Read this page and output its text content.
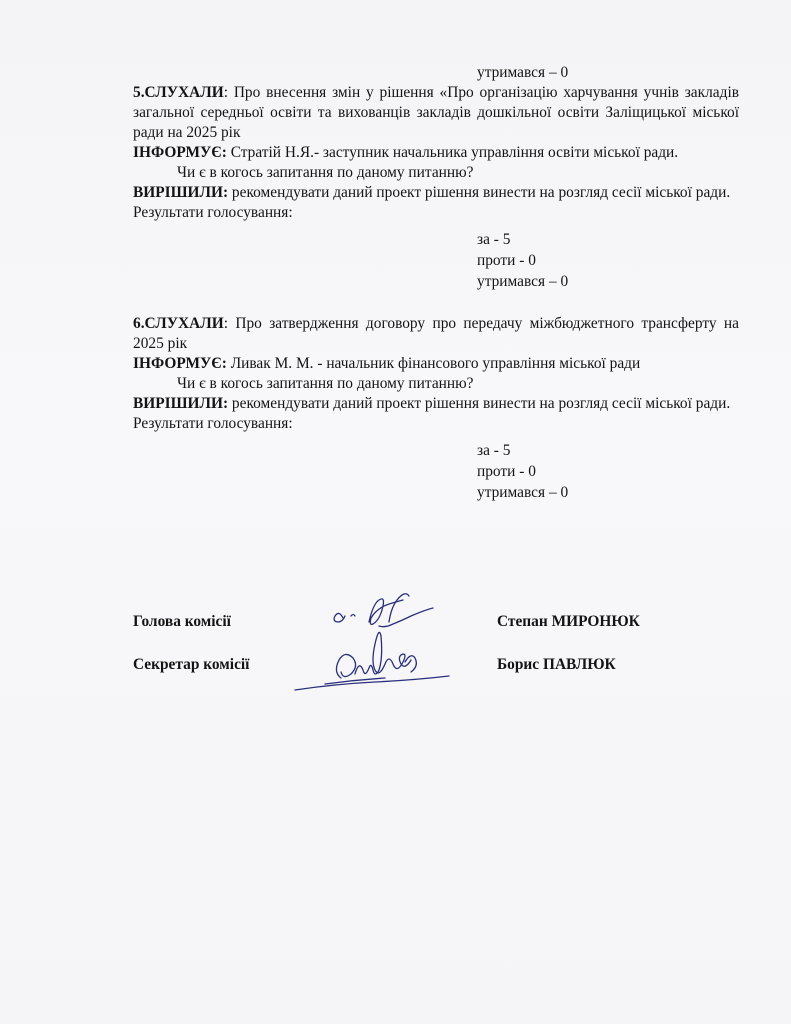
утримався – 0

5.СЛУХАЛИ: Про внесення змін у рішення «Про організацію харчування учнів закладів загальної середньої освіти та вихованців закладів дошкільної освіти Заліщицької міської ради на 2025 рік

ІНФОРМУЄ: Стратій Н.Я.- заступник начальника управління освіти міської ради.

Чи є в когось запитання по даному питанню?

ВИРІШИЛИ: рекомендувати даний проект рішення винести на розгляд сесії міської ради.

Результати голосування:

за - 5
проти - 0
утримався – 0

6.СЛУХАЛИ: Про затвердження договору про передачу міжбюджетного трансферту на 2025 рік

ІНФОРМУЄ: Ливак М. М. - начальник фінансового управління міської ради

Чи є в когось запитання по даному питанню?

ВИРІШИЛИ: рекомендувати даний проект рішення винести на розгляд сесії міської ради.

Результати голосування:

за - 5
проти - 0
утримався – 0
Голова комісії	Степан МИРОНЮК
Секретар комісії	Борис ПАВЛЮК
